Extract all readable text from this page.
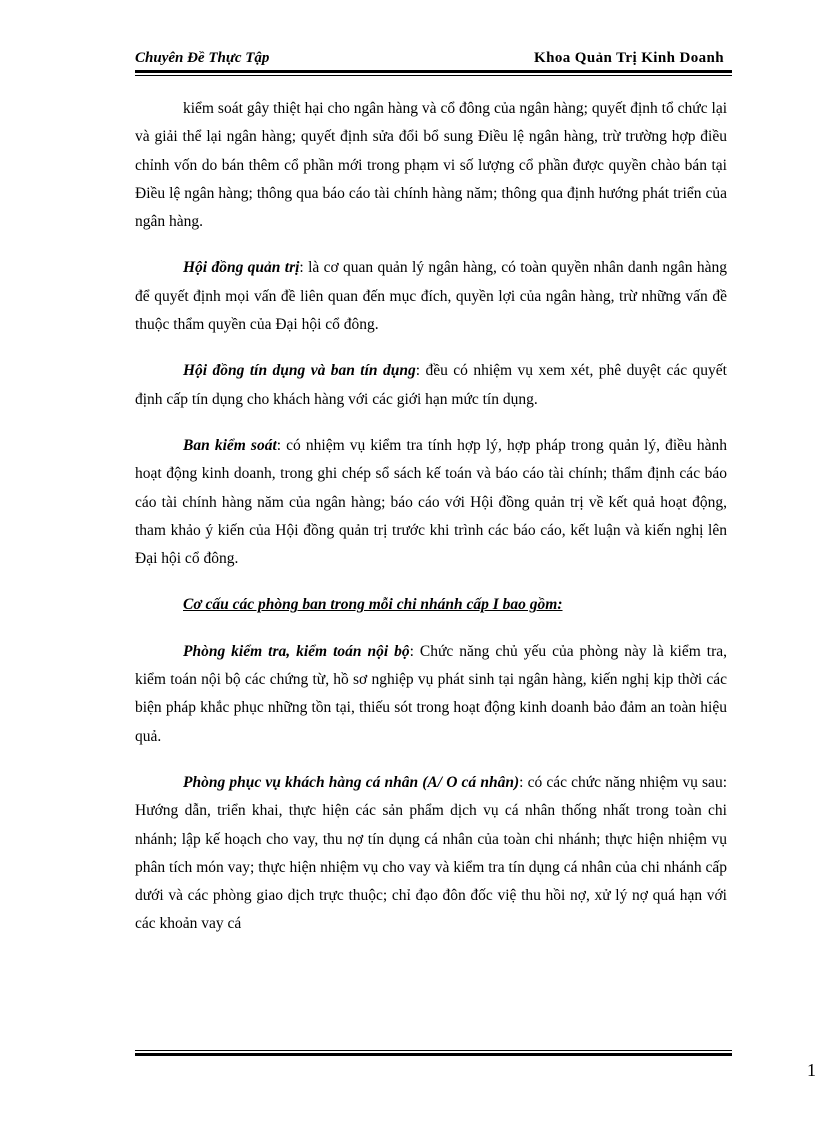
Chuyên Đề Thực Tập	Khoa Quản Trị Kinh Doanh

kiểm soát gây thiệt hại cho ngân hàng và cổ đông của ngân hàng; quyết định tổ chức lại và giải thể lại ngân hàng; quyết định sửa đổi bổ sung Điều lệ ngân hàng, trừ trường hợp điều chỉnh vốn do bán thêm cổ phần mới trong phạm vi số lượng cổ phần được quyền chào bán tại Điều lệ ngân hàng; thông qua báo cáo tài chính hàng năm; thông qua định hướng phát triển của ngân hàng.

Hội đồng quản trị: là cơ quan quản lý ngân hàng, có toàn quyền nhân danh ngân hàng để quyết định mọi vấn đề liên quan đến mục đích, quyền lợi của ngân hàng, trừ những vấn đề thuộc thẩm quyền của Đại hội cổ đông.

Hội đồng tín dụng và ban tín dụng: đều có nhiệm vụ xem xét, phê duyệt các quyết định cấp tín dụng cho khách hàng với các giới hạn mức tín dụng.

Ban kiểm soát: có nhiệm vụ kiểm tra tính hợp lý, hợp pháp trong quản lý, điều hành hoạt động kinh doanh, trong ghi chép sổ sách kế toán và báo cáo tài chính; thẩm định các báo cáo tài chính hàng năm của ngân hàng; báo cáo với Hội đồng quản trị về kết quả hoạt động, tham khảo ý kiến của Hội đồng quản trị trước khi trình các báo cáo, kết luận và kiến nghị lên Đại hội cổ đông.

Cơ cấu các phòng ban trong mỗi chi nhánh cấp I bao gồm:

Phòng kiểm tra, kiểm toán nội bộ: Chức năng chủ yếu của phòng này là kiểm tra, kiểm toán nội bộ các chứng từ, hồ sơ nghiệp vụ phát sinh tại ngân hàng, kiến nghị kịp thời các biện pháp khắc phục những tồn tại, thiếu sót trong hoạt động kinh doanh bảo đảm an toàn hiệu quả.

Phòng phục vụ khách hàng cá nhân (A/ O cá nhân): có các chức năng nhiệm vụ sau: Hướng dẫn, triển khai, thực hiện các sản phẩm dịch vụ cá nhân thống nhất trong toàn chi nhánh; lập kế hoạch cho vay, thu nợ tín dụng cá nhân của toàn chi nhánh; thực hiện nhiệm vụ phân tích món vay; thực hiện nhiệm vụ cho vay và kiểm tra tín dụng cá nhân của chi nhánh cấp dưới và các phòng giao dịch trực thuộc; chỉ đạo đôn đốc việ thu hồi nợ, xử lý nợ quá hạn với các khoản vay cá

1
